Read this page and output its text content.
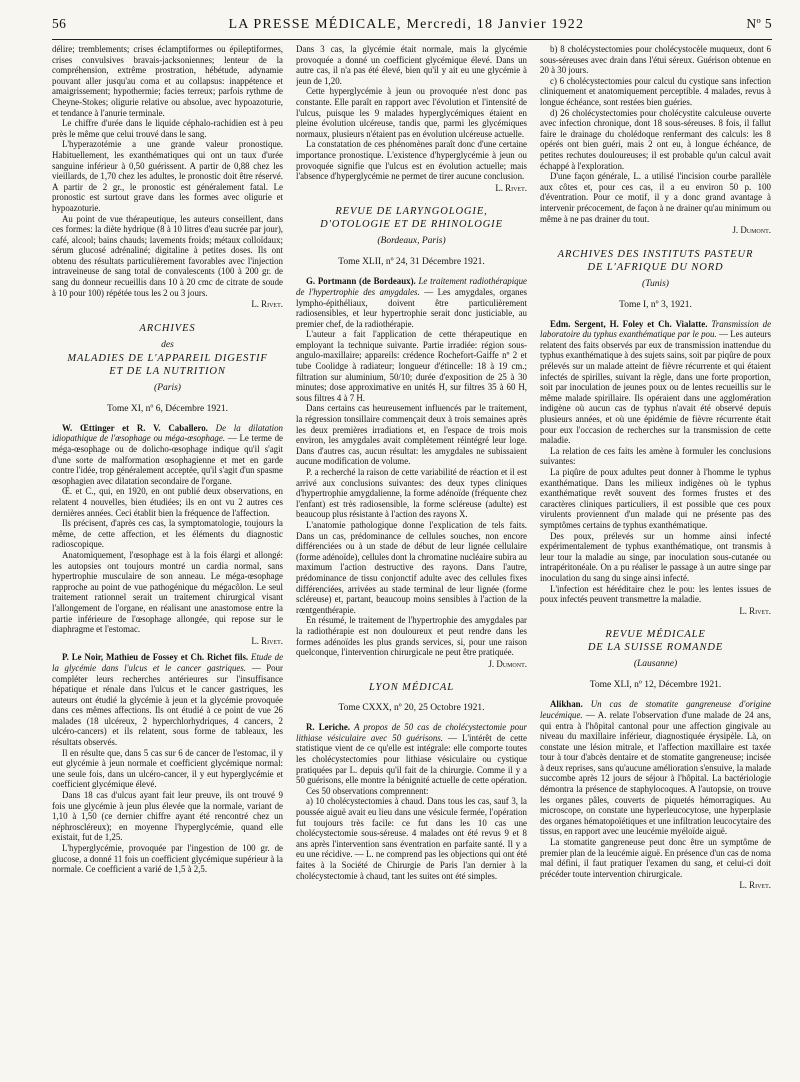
56	LA PRESSE MÉDICALE, Mercredi, 18 Janvier 1922	Nº 5

délire; tremblements; crises éclamptiformes ou épileptiformes, crises convulsives bravais-jacksoniennes; lenteur de la compréhension, extrême prostration, hébétude, adynamie pouvant aller jusqu'au coma et au collapsus: inappétence et amaigrissement; hypothermie; facies terreux; parfois rythme de Cheyne-Stokes; oligurie relative ou absolue, avec hypoazoturie, et tendance à l'anurie terminale.

Le chiffre d'urée dans le liquide céphalo-rachidien est à peu près le même que celui trouvé dans le sang.

L'hyperazotémie a une grande valeur pronostique. Habituellement, les exanthématiques qui ont un taux d'urée sanguine inférieur à 0,50 guérissent. A partir de 0,88 chez les vieillards, de 1,70 chez les adultes, le pronostic doit être réservé. A partir de 2 gr., le pronostic est généralement fatal. Le pronostic est surtout grave dans les formes avec oligurie et hypoazoturie.

Au point de vue thérapeutique, les auteurs conseillent, dans ces formes: la diète hydrique (8 à 10 litres d'eau sucrée par jour), café, alcool; bains chauds; lavements froids; métaux colloïdaux; sérum glucosé adrénaliné; digitaline à petites doses. Ils ont obtenu des résultats particulièrement favorables avec l'injection intraveineuse de sang total de convalescents (100 à 200 gr. de sang du donneur recueillis dans 10 à 20 cmc de citrate de soude à 10 pour 100) répétée tous les 2 ou 3 jours.

L. Rivet.
ARCHIVES
des
MALADIES DE L'APPAREIL DIGESTIF
ET DE LA NUTRITION
(Paris)
Tome XI, nº 6, Décembre 1921.

W. Œttinger et R. V. Caballero. De la dilatation idiopathique de l'œsophage ou méga-œsophage. — Le terme de méga-œsophage ou de dolicho-œsophage indique qu'il s'agit d'une sorte de malformation œsophagienne et met en garde contre l'idée, trop généralement acceptée, qu'il s'agit d'un spasme œsophagien avec dilatation secondaire de l'organe.

Œ. et C., qui, en 1920, en ont publié deux observations, en relatent 4 nouvelles, bien étudiées; ils en ont vu 2 autres ces dernières années. Ceci établit bien la fréquence de l'affection.

Ils précisent, d'après ces cas, la symptomatologie, toujours la même, de cette affection, et les éléments du diagnostic radioscopique.

Anatomiquement, l'œsophage est à la fois élargi et allongé: les autopsies ont toujours montré un cardia normal, sans hypertrophie musculaire de son anneau. Le méga-œsophage rapproche au point de vue pathogénique du mégacôlon. Le seul traitement rationnel serait un traitement chirurgical visant l'allongement de l'organe, en réalisant une anastomose entre la partie inférieure de l'œsophage allongée, qui repose sur le diaphragme et l'estomac.

L. Rivet.

P. Le Noir, Mathieu de Fossey et Ch. Richet fils. Etude de la glycémie dans l'ulcus et le cancer gastriques. — Pour compléter leurs recherches antérieures sur l'insuffisance hépatique et rénale dans l'ulcus et le cancer gastriques, les auteurs ont étudié la glycémie à jeun et la glycémie provoquée dans ces mêmes affections. Ils ont étudié à ce point de vue 26 malades (18 ulcéreux, 2 hyperchlorhydriques, 4 cancers, 2 ulcéro-cancers) et ils relatent, sous forme de tableaux, les résultats observés.

Il en résulte que, dans 5 cas sur 6 de cancer de l'estomac, il y eut glycémie à jeun normale et coefficient glycémique normal: une seule fois, dans un ulcéro-cancer, il y eut hyperglycémie et coefficient glycémique élevé.

Dans 18 cas d'ulcus ayant fait leur preuve, ils ont trouvé 9 fois une glycémie à jeun plus élevée que la normale, variant de 1,10 à 1,50 (ce dernier chiffre ayant été rencontré chez un néphroscléreux); en moyenne l'hyperglycémie, quand elle existait, fut de 1,25.

L'hyperglycémie, provoquée par l'ingestion de 100 gr. de glucose, a donné 11 fois un coefficient glycémique supérieur à la normale. Ce coefficient a varié de 1,5 à 2,5.

Dans 3 cas, la glycémie était normale, mais la glycémie provoquée a donné un coefficient glycémique élevé. Dans un autre cas, il n'a pas été élevé, bien qu'il y ait eu une glycémie à jeun de 1,20.

Cette hyperglycémie à jeun ou provoquée n'est donc pas constante. Elle paraît en rapport avec l'évolution et l'intensité de l'ulcus, puisque les 9 malades hyperglycémiques étaient en pleine évolution ulcéreuse, tandis que, parmi les glycémiques normaux, plusieurs n'étaient pas en évolution ulcéreuse actuelle.

La constatation de ces phénomènes paraît donc d'une certaine importance pronostique. L'existence d'hyperglycémie à jeun ou provoquée signifie que l'ulcus est en évolution actuelle; mais l'absence d'hyperglycémie ne permet de tirer aucune conclusion.

L. Rivet.
REVUE DE LARYNGOLOGIE,
D'OTOLOGIE ET DE RHINOLOGIE
(Bordeaux, Paris)
Tome XLII, nº 24, 31 Décembre 1921.

G. Portmann (de Bordeaux). Le traitement radiothérapique de l'hypertrophie des amygdales. — Les amygdales, organes lympho-épithéliaux, doivent être particulièrement radiosensibles, et leur hypertrophie serait donc justiciable, au premier chef, de la radiothérapie.

L'auteur a fait l'application de cette thérapeutique en employant la technique suivante. Partie irradiée: région sous-angulo-maxillaire; appareils: crédence Rochefort-Gaiffe nº 2 et tube Coolidge à radiateur; longueur d'étincelle: 18 à 19 cm.; filtration sur aluminium, 50/10; durée d'exposition de 25 à 30 minutes; dose approximative en unités H, sur filtres 35 à 60 H, sous filtres 4 à 7 H.

Dans certains cas heureusement influencés par le traitement, la régression tonsillaire commençait deux à trois semaines après les deux premières irradiations et, en l'espace de trois mois environ, les amygdales avait complètement réintégré leur loge. Dans d'autres cas, aucun résultat: les amygdales ne subissaient aucune modification de volume.

P. a recherché la raison de cette variabilité de réaction et il est arrivé aux conclusions suivantes: des deux types cliniques d'hypertrophie amygdalienne, la forme adénoïde (fréquente chez l'enfant) est très radiosensible, la forme scléreuse (adulte) est beaucoup plus résistante à l'action des rayons X.

L'anatomie pathologique donne l'explication de tels faits. Dans un cas, prédominance de cellules souches, non encore différenciées ou à un stade de début de leur lignée cellulaire (forme adénoïde), cellules dont la chromatine nucléaire subira au maximum l'action destructive des rayons. Dans l'autre, prédominance de tissu conjonctif adulte avec des cellules fixes différenciées, arrivées au stade terminal de leur lignée (forme scléreuse) et, partant, beaucoup moins sensibles à l'action de la rœntgenthérapie.

En résumé, le traitement de l'hypertrophie des amygdales par la radiothérapie est non douloureux et peut rendre dans les formes adénoïdes les plus grands services, si, pour une raison quelconque, l'intervention chirurgicale ne peut être pratiquée.

J. Dumont.
LYON MÉDICAL
Tome CXXX, nº 20, 25 Octobre 1921.

R. Leriche. A propos de 50 cas de cholécystectomie pour lithiase vésiculaire avec 50 guérisons. — L'intérêt de cette statistique vient de ce qu'elle est intégrale: elle comporte toutes les cholécystectomies pour lithiase vésiculaire ou cystique pratiquées par L. depuis qu'il fait de la chirurgie. Comme il y a 50 guérisons, elle montre la bénignité actuelle de cette opération.

Ces 50 observations comprennent:

a) 10 cholécystectomies à chaud. Dans tous les cas, sauf 3, la poussée aiguë avait eu lieu dans une vésicule fermée, l'opération fut toujours très facile: ce fut dans les 10 cas une cholécystectomie sous-séreuse. 4 malades ont été revus 9 et 8 ans après l'intervention sans éventration en parfaite santé. Il y a eu une récidive. — L. ne comprend pas les objections qui ont été faites à la Société de Chirurgie de Paris l'an dernier à la cholécystectomie à chaud, tant les suites ont été simples.

b) 8 cholécystectomies pour cholécystocèle muqueux, dont 6 sous-séreuses avec drain dans l'étui séreux. Guérison obtenue en 20 à 30 jours.

c) 6 cholécystectomies pour calcul du cystique sans infection cliniquement et anatomiquement perceptible. 4 malades, revus à longue échéance, sont restées bien guéries.

d) 26 cholécystectomies pour cholécystite calculeuse ouverte avec infection chronique, dont 18 sous-séreuses. 8 fois, il fallut faire le drainage du cholédoque renfermant des calculs: les 8 opérés ont bien guéri, mais 2 ont eu, à longue échéance, de petites rechutes douloureuses; il est probable qu'un calcul avait échappé à l'exploration.

D'une façon générale, L. a utilisé l'incision courbe parallèle aux côtes et, pour ces cas, il a eu environ 50 p. 100 d'éventration. Pour ce motif, il y a donc grand avantage à intervenir précocement, de façon à ne drainer qu'au minimum ou même à ne pas drainer du tout.

J. Dumont.
ARCHIVES DES INSTITUTS PASTEUR
DE L'AFRIQUE DU NORD
(Tunis)
Tome I, nº 3, 1921.

Edm. Sergent, H. Foley et Ch. Vialatte. Transmission de laboratoire du typhus exanthématique par le pou. — Les auteurs relatent des faits observés par eux de transmission inattendue du typhus exanthématique à des sujets sains, soit par piqûre de poux prélevés sur un malade atteint de fièvre récurrente et qui étaient infectés de spirilles, suivant la règle, dans une forte proportion, soit par inoculation de jeunes poux ou de lentes recueillis sur le même malade spirillaire. Ils opéraient dans une agglomération indigène où aucun cas de typhus n'avait été observé depuis plusieurs années, et où une épidémie de fièvre récurrente était pour eux l'occasion de recherches sur la transmission de cette maladie.

La relation de ces faits les amène à formuler les conclusions suivantes:

La piqûre de poux adultes peut donner à l'homme le typhus exanthématique. Dans les milieux indigènes où le typhus exanthématique revêt souvent des formes frustes et des caractères cliniques particuliers, il est possible que ces poux virulents proviennent d'un malade qui ne présente pas des symptômes certains de typhus exanthématique.

Des poux, prélevés sur un homme ainsi infecté expérimentalement de typhus exanthématique, ont transmis à leur tour la maladie au singe, par inoculation sous-cutanée ou intrapéritonéale. On a pu réaliser le passage à un autre singe par inoculation du sang du singe ainsi infecté.

L'infection est héréditaire chez le pou: les lentes issues de poux infectés peuvent transmettre la maladie.

L. Rivet.
REVUE MÉDICALE
DE LA SUISSE ROMANDE
(Lausanne)
Tome XLI, nº 12, Décembre 1921.

Alikhan. Un cas de stomatite gangreneuse d'origine leucémique. — A. relate l'observation d'une malade de 24 ans, qui entra à l'hôpital cantonal pour une affection gingivale au niveau du maxillaire inférieur, diagnostiquée érysipèle. Là, on constate une lésion mitrale, et l'affection maxillaire est taxée tour à tour d'abcès dentaire et de stomatite gangreneuse; incisée à deux reprises, sans qu'aucune amélioration s'ensuive, la malade succombe après 12 jours de séjour à l'hôpital. La bactériologie démontra la présence de staphylocoques. A l'autopsie, on trouve les organes pâles, couverts de piquetés hémorragiques. Au microscope, on constate une hyperleucocytose, une hyperplasie des organes hématopoïétiques et une infiltration leucocytaire des tissus, en rapport avec une leucémie myéloïde aiguë.

La stomatite gangreneuse peut donc être un symptôme de premier plan de la leucémie aiguë. En présence d'un cas de noma mal défini, il faut pratiquer l'examen du sang, et celui-ci doit précéder toute intervention chirurgicale.

L. Rivet.
